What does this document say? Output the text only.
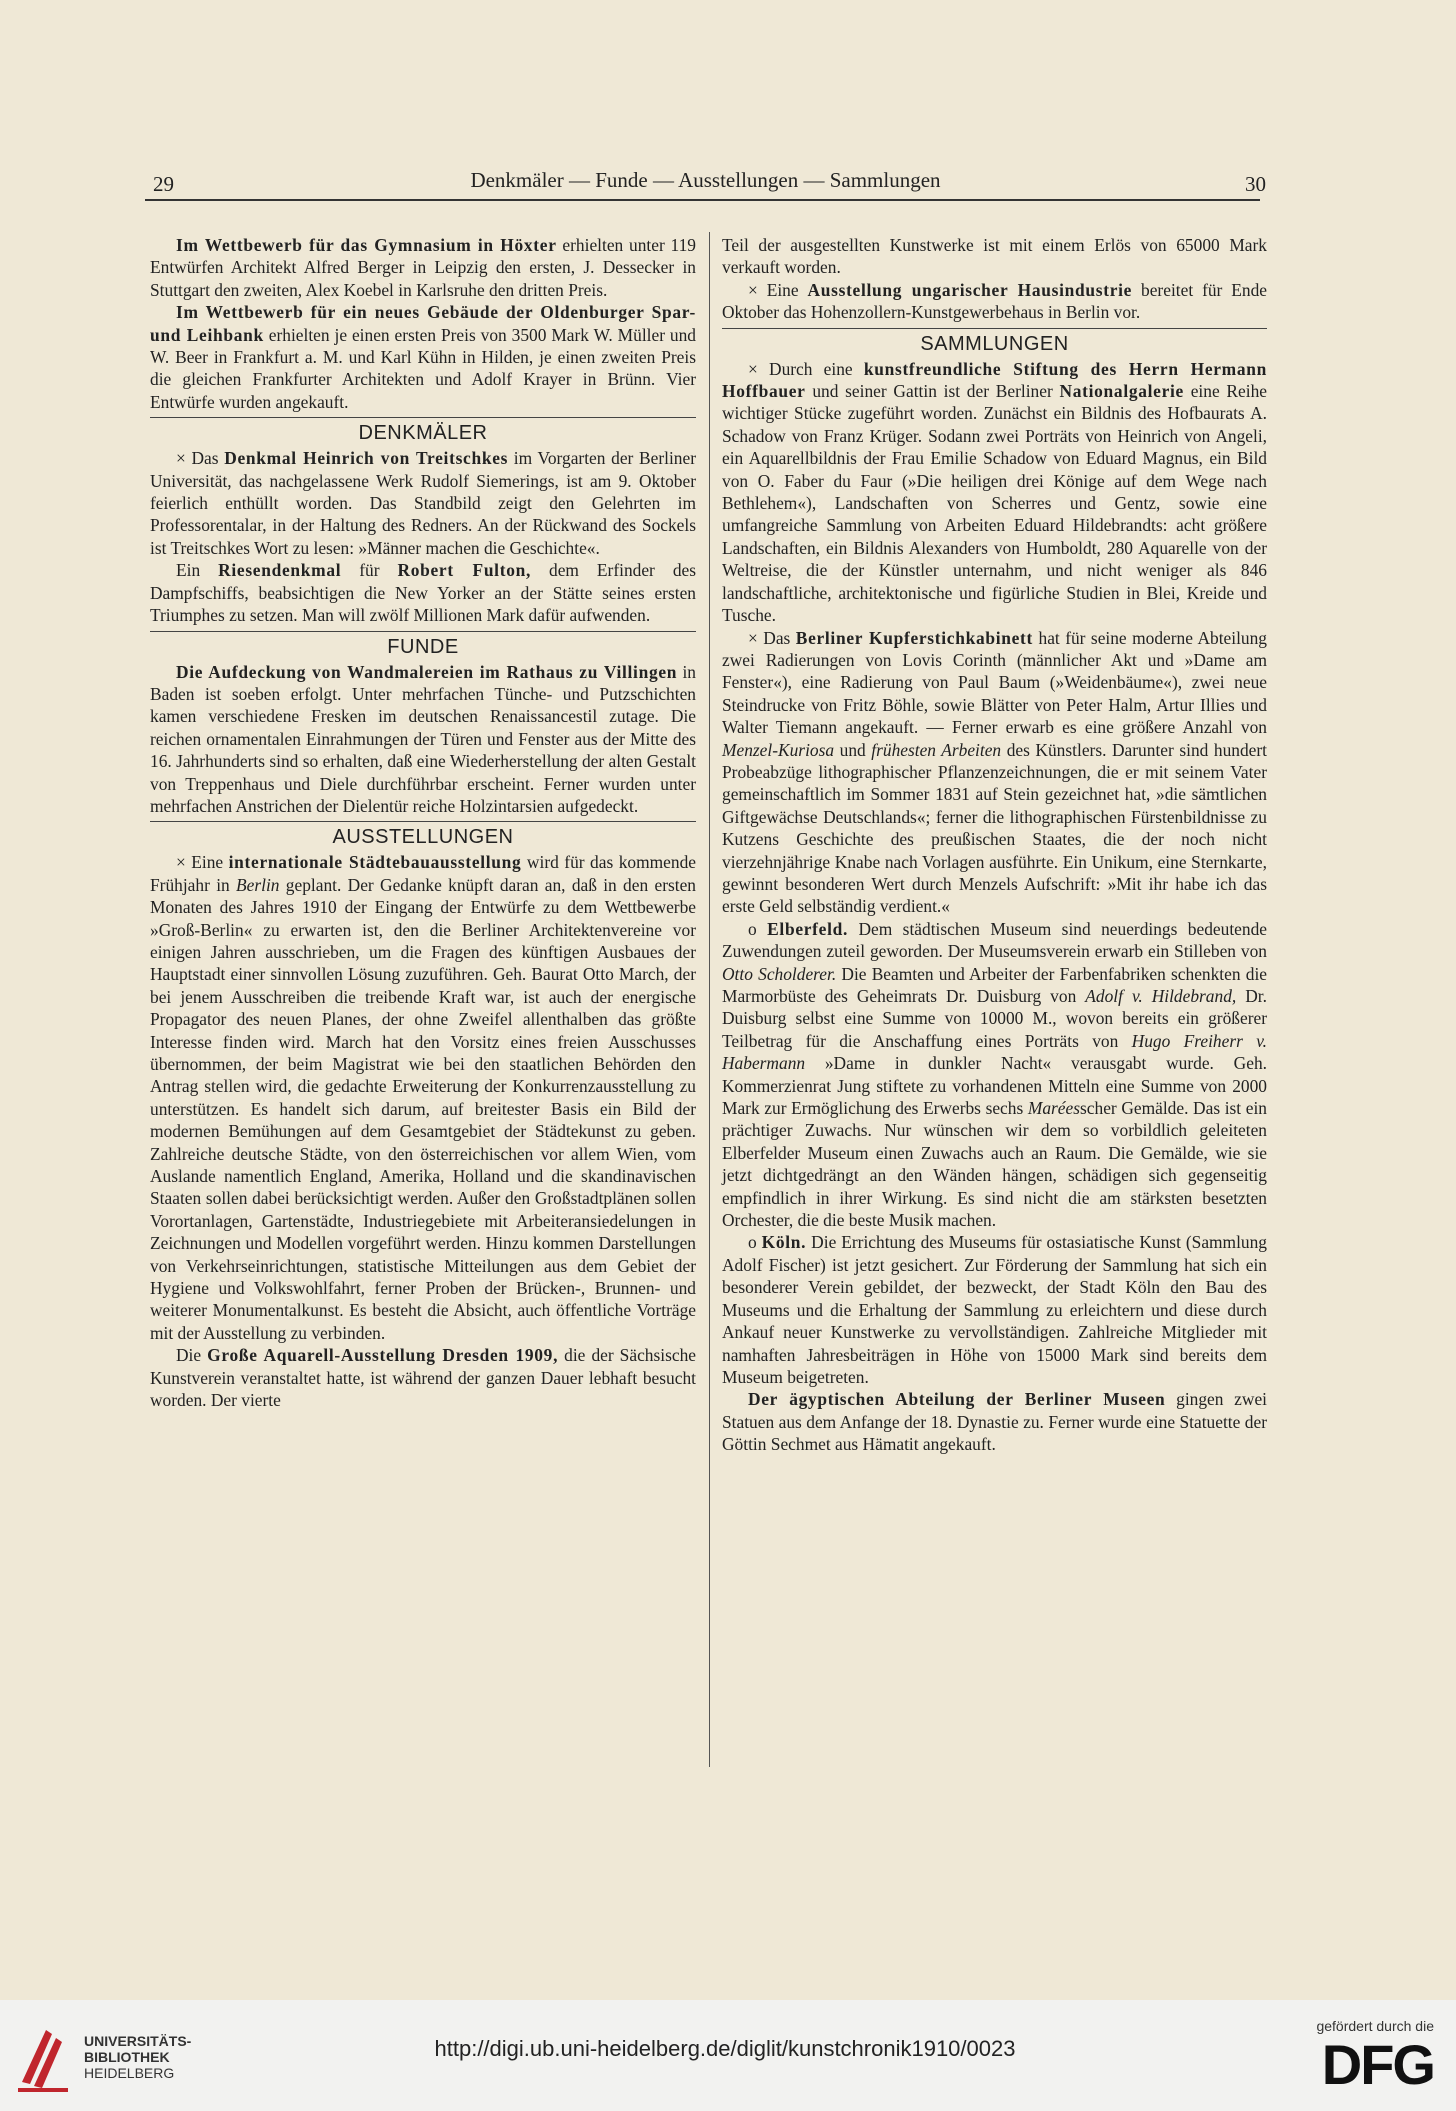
29	Denkmäler — Funde — Ausstellungen — Sammlungen	30

Im Wettbewerb für das Gymnasium in Höxter erhielten unter 119 Entwürfen Architekt Alfred Berger in Leipzig den ersten, J. Dessecker in Stuttgart den zweiten, Alex Koebel in Karlsruhe den dritten Preis.

Im Wettbewerb für ein neues Gebäude der Oldenburger Spar- und Leihbank erhielten je einen ersten Preis von 3500 Mark W. Müller und W. Beer in Frankfurt a. M. und Karl Kühn in Hilden, je einen zweiten Preis die gleichen Frankfurter Architekten und Adolf Krayer in Brünn. Vier Entwürfe wurden angekauft.

DENKMÄLER

× Das Denkmal Heinrich von Treitschkes im Vorgarten der Berliner Universität, das nachgelassene Werk Rudolf Siemerings, ist am 9. Oktober feierlich enthüllt worden. Das Standbild zeigt den Gelehrten im Professorentalar, in der Haltung des Redners. An der Rückwand des Sockels ist Treitschkes Wort zu lesen: »Männer machen die Geschichte«.

Ein Riesendenkmal für Robert Fulton, dem Erfinder des Dampfschiffs, beabsichtigen die New Yorker an der Stätte seines ersten Triumphes zu setzen. Man will zwölf Millionen Mark dafür aufwenden.

FUNDE

Die Aufdeckung von Wandmalereien im Rathaus zu Villingen in Baden ist soeben erfolgt. Unter mehrfachen Tünche- und Putzschichten kamen verschiedene Fresken im deutschen Renaissancestil zutage. Die reichen ornamentalen Einrahmungen der Türen und Fenster aus der Mitte des 16. Jahrhunderts sind so erhalten, daß eine Wiederherstellung der alten Gestalt von Treppenhaus und Diele durchführbar erscheint. Ferner wurden unter mehrfachen Anstrichen der Dielentür reiche Holzintarsien aufgedeckt.

AUSSTELLUNGEN

× Eine internationale Städtebauausstellung wird für das kommende Frühjahr in Berlin geplant. Der Gedanke knüpft daran an, daß in den ersten Monaten des Jahres 1910 der Eingang der Entwürfe zu dem Wettbewerbe »Groß-Berlin« zu erwarten ist, den die Berliner Architektenvereine vor einigen Jahren ausschrieben, um die Fragen des künftigen Ausbaues der Hauptstadt einer sinnvollen Lösung zuzuführen. Geh. Baurat Otto March, der bei jenem Ausschreiben die treibende Kraft war, ist auch der energische Propagator des neuen Planes, der ohne Zweifel allenthalben das größte Interesse finden wird. March hat den Vorsitz eines freien Ausschusses übernommen, der beim Magistrat wie bei den staatlichen Behörden den Antrag stellen wird, die gedachte Erweiterung der Konkurrenzausstellung zu unterstützen. Es handelt sich darum, auf breitester Basis ein Bild der modernen Bemühungen auf dem Gesamtgebiet der Städtekunst zu geben. Zahlreiche deutsche Städte, von den österreichischen vor allem Wien, vom Auslande namentlich England, Amerika, Holland und die skandinavischen Staaten sollen dabei berücksichtigt werden. Außer den Großstadtplänen sollen Vorortanlagen, Gartenstädte, Industriegebiete mit Arbeiteransiedelungen in Zeichnungen und Modellen vorgeführt werden. Hinzu kommen Darstellungen von Verkehrseinrichtungen, statistische Mitteilungen aus dem Gebiet der Hygiene und Volkswohlfahrt, ferner Proben der Brücken-, Brunnen- und weiterer Monumentalkunst. Es besteht die Absicht, auch öffentliche Vorträge mit der Ausstellung zu verbinden.

Die Große Aquarell-Ausstellung Dresden 1909, die der Sächsische Kunstverein veranstaltet hatte, ist während der ganzen Dauer lebhaft besucht worden. Der vierte

Teil der ausgestellten Kunstwerke ist mit einem Erlös von 65000 Mark verkauft worden.

× Eine Ausstellung ungarischer Hausindustrie bereitet für Ende Oktober das Hohenzollern-Kunstgewerbehaus in Berlin vor.

SAMMLUNGEN

× Durch eine kunstfreundliche Stiftung des Herrn Hermann Hoffbauer und seiner Gattin ist der Berliner Nationalgalerie eine Reihe wichtiger Stücke zugeführt worden. Zunächst ein Bildnis des Hofbaurats A. Schadow von Franz Krüger. Sodann zwei Porträts von Heinrich von Angeli, ein Aquarellbildnis der Frau Emilie Schadow von Eduard Magnus, ein Bild von O. Faber du Faur (»Die heiligen drei Könige auf dem Wege nach Bethlehem«), Landschaften von Scherres und Gentz, sowie eine umfangreiche Sammlung von Arbeiten Eduard Hildebrandts: acht größere Landschaften, ein Bildnis Alexanders von Humboldt, 280 Aquarelle von der Weltreise, die der Künstler unternahm, und nicht weniger als 846 landschaftliche, architektonische und figürliche Studien in Blei, Kreide und Tusche.

× Das Berliner Kupferstichkabinett hat für seine moderne Abteilung zwei Radierungen von Lovis Corinth (männlicher Akt und »Dame am Fenster«), eine Radierung von Paul Baum (»Weidenbäume«), zwei neue Steindrucke von Fritz Böhle, sowie Blätter von Peter Halm, Artur Illies und Walter Tiemann angekauft. — Ferner erwarb es eine größere Anzahl von Menzel-Kuriosa und frühesten Arbeiten des Künstlers. Darunter sind hundert Probeabzüge lithographischer Pflanzenzeichnungen, die er mit seinem Vater gemeinschaftlich im Sommer 1831 auf Stein gezeichnet hat, »die sämtlichen Giftgewächse Deutschlands«; ferner die lithographischen Fürstenbildnisse zu Kutzens Geschichte des preußischen Staates, die der noch nicht vierzehnjährige Knabe nach Vorlagen ausführte. Ein Unikum, eine Sternkarte, gewinnt besonderen Wert durch Menzels Aufschrift: »Mit ihr habe ich das erste Geld selbständig verdient.«

o Elberfeld. Dem städtischen Museum sind neuerdings bedeutende Zuwendungen zuteil geworden. Der Museumsverein erwarb ein Stilleben von Otto Scholderer. Die Beamten und Arbeiter der Farbenfabriken schenkten die Marmorbüste des Geheimrats Dr. Duisburg von Adolf v. Hildebrand, Dr. Duisburg selbst eine Summe von 10000 M., wovon bereits ein größerer Teilbetrag für die Anschaffung eines Porträts von Hugo Freiherr v. Habermann »Dame in dunkler Nacht« verausgabt wurde. Geh. Kommerzienrat Jung stiftete zu vorhandenen Mitteln eine Summe von 2000 Mark zur Ermöglichung des Erwerbs sechs Maréesscher Gemälde. Das ist ein prächtiger Zuwachs. Nur wünschen wir dem so vorbildlich geleiteten Elberfelder Museum einen Zuwachs auch an Raum. Die Gemälde, wie sie jetzt dichtgedrängt an den Wänden hängen, schädigen sich gegenseitig empfindlich in ihrer Wirkung. Es sind nicht die am stärksten besetzten Orchester, die die beste Musik machen.

o Köln. Die Errichtung des Museums für ostasiatische Kunst (Sammlung Adolf Fischer) ist jetzt gesichert. Zur Förderung der Sammlung hat sich ein besonderer Verein gebildet, der bezweckt, der Stadt Köln den Bau des Museums und die Erhaltung der Sammlung zu erleichtern und diese durch Ankauf neuer Kunstwerke zu vervollständigen. Zahlreiche Mitglieder mit namhaften Jahresbeiträgen in Höhe von 15000 Mark sind bereits dem Museum beigetreten.

Der ägyptischen Abteilung der Berliner Museen gingen zwei Statuen aus dem Anfange der 18. Dynastie zu. Ferner wurde eine Statuette der Göttin Sechmet aus Hämatit angekauft.

UNIVERSITÄTS-
BIBLIOTHEK
HEIDELBERG
http://digi.ub.uni-heidelberg.de/diglit/kunstchronik1910/0023
gefördert durch die
DFG
